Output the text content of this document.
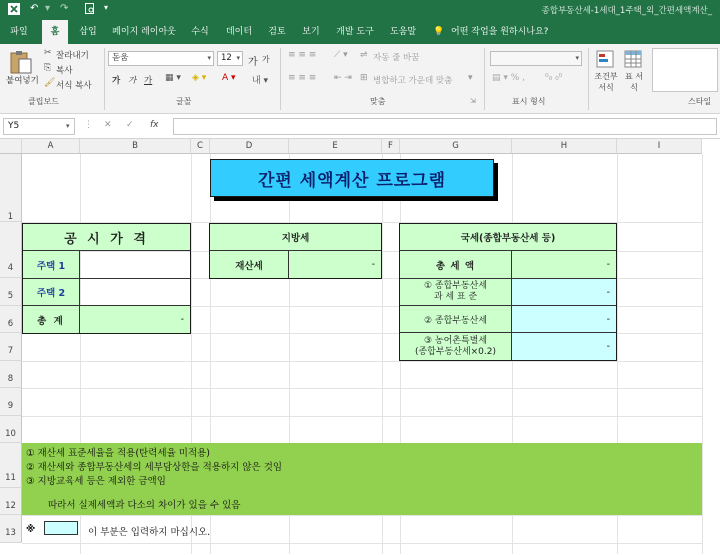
↶ ▾ ↷	▾	종합부동산세-1세대_1주택_외_간편세액계산_
파일	홈	삽입	페이지 레이아웃	수식	데이터	검토	보기	개발 도구	도움말	💡 어떤 작업을 원하시나요?
붙여넣기
✂ 잘라내기
⎘ 복사
🖌 서식 복사
클립보드
돋움	▾	12 ▾ 가 가
가 가 가 ▦ ▾ ◈ ▾ A ▾ 내 ▾
글꼴
≡ ≡ ≡ ⟋ ▾ ⇌ 자동 줄 바꿈
≡ ≡ ≡ ⇤ ⇥ ⊞ 병합하고 가운데 맞춤 ▾
맞춤	⇲
▾
▤ ▾ % , ⁰₀ ₀⁰
표시 형식
조건부 서식
표 서식
스타일
Y5	▾ ⋮ ✕ ✓ fx
A	B	C	D	E	F	G	H	I
1
4
5
6
7
8
9
10
11
12
13
간편 세액계산 프로그램
공 시 가 격
주택 1
주택 2
총 계	-
지방세
재산세	-
국세(종합부동산세 등)
총 세 액	-
① 종합부동산세
과 세 표 준	-
② 종합부동산세	-
③ 농어촌특별세
(종합부동산세×0.2)	-
① 재산세 표준세율을 적용(탄력세율 미적용)
② 재산세와 종합부동산세의 세부담상한을 적용하지 않은 것임
③ 지방교육세 등은 제외한 금액임
따라서 실제세액과 다소의 차이가 있을 수 있음
※	이 부분은 입력하지 마십시오.
